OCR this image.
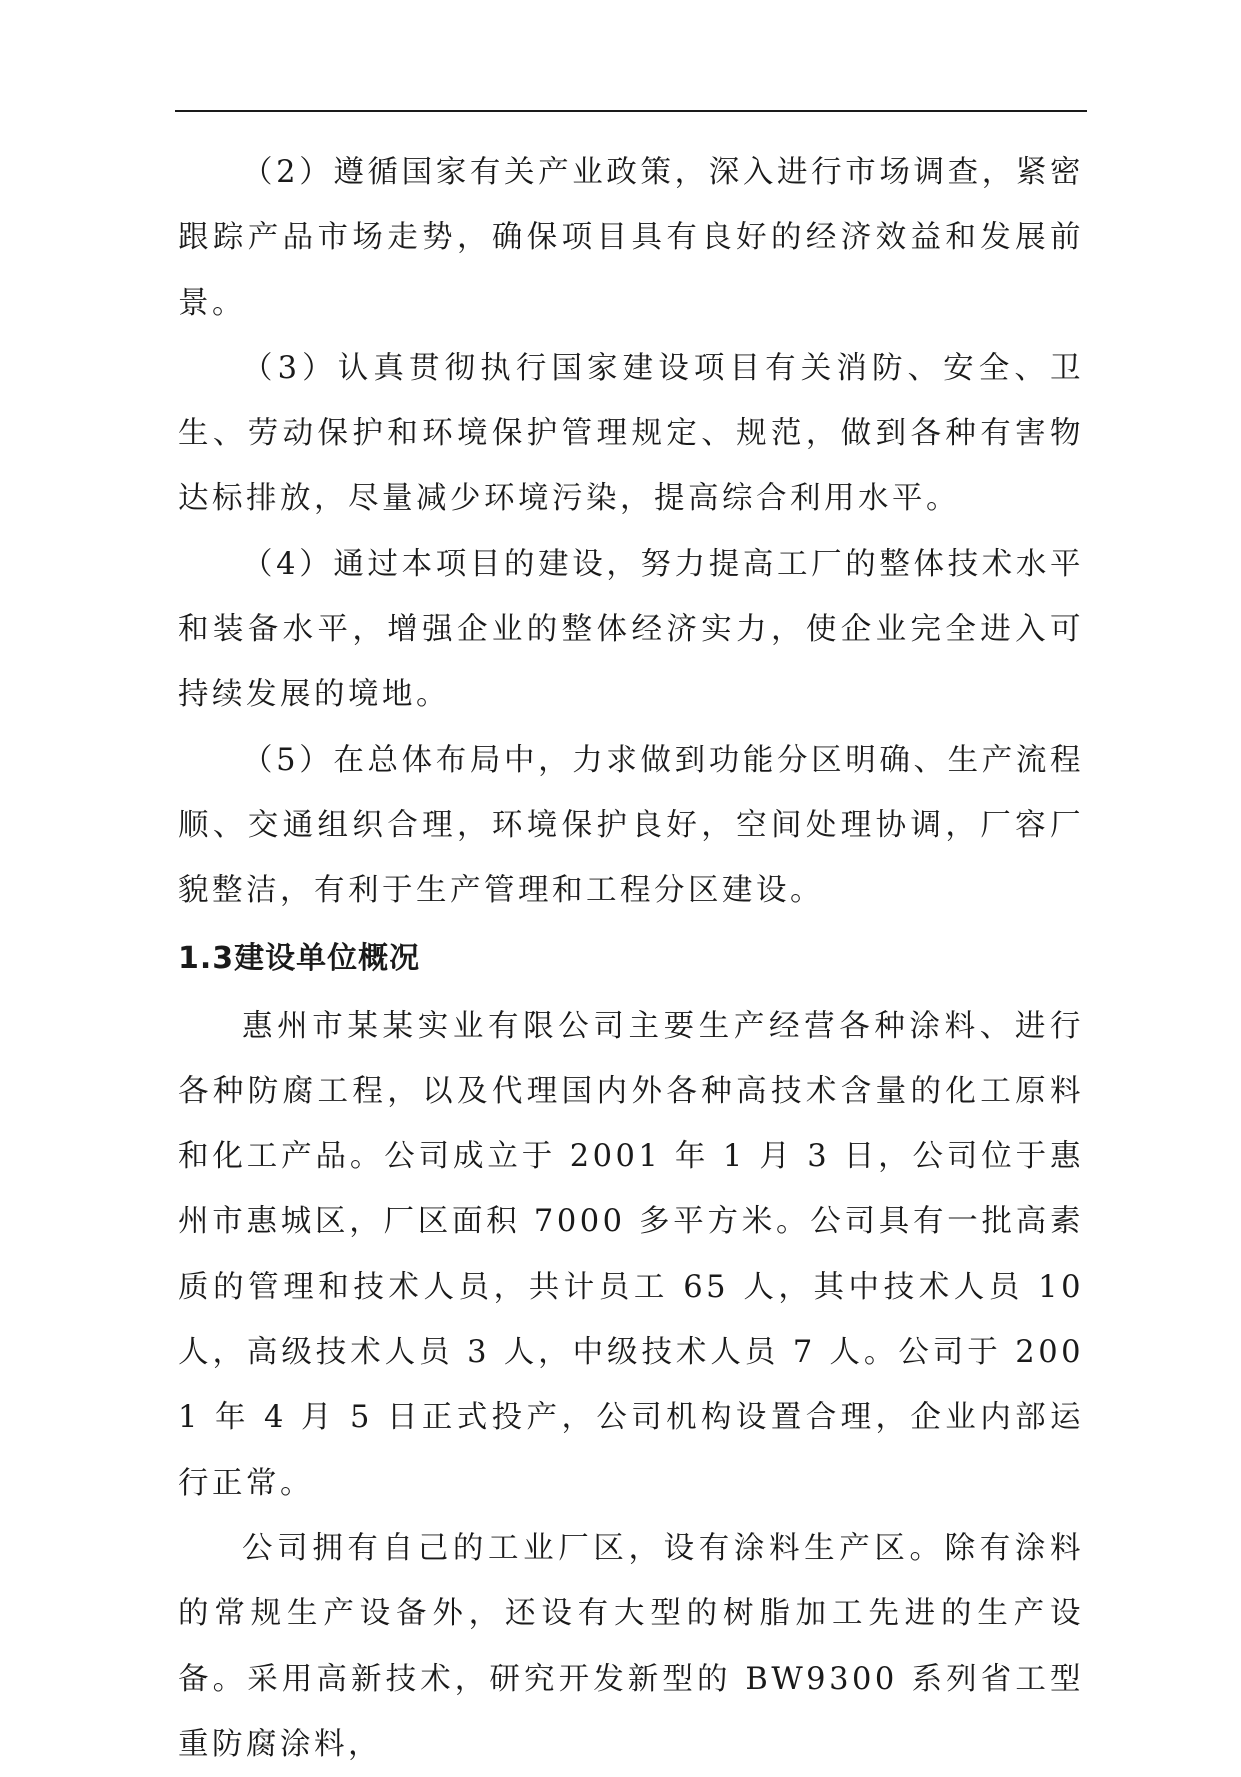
（2）遵循国家有关产业政策，深入进行市场调查，紧密跟踪产品市场走势，确保项目具有良好的经济效益和发展前景。

（3）认真贯彻执行国家建设项目有关消防、安全、卫生、劳动保护和环境保护管理规定、规范，做到各种有害物达标排放，尽量减少环境污染，提高综合利用水平。

（4）通过本项目的建设，努力提高工厂的整体技术水平和装备水平，增强企业的整体经济实力，使企业完全进入可持续发展的境地。

（5）在总体布局中，力求做到功能分区明确、生产流程顺、交通组织合理，环境保护良好，空间处理协调，厂容厂貌整洁，有利于生产管理和工程分区建设。

1.3建设单位概况

惠州市某某实业有限公司主要生产经营各种涂料、进行各种防腐工程，以及代理国内外各种高技术含量的化工原料和化工产品。公司成立于 2001 年 1 月 3 日，公司位于惠州市惠城区，厂区面积 7000 多平方米。公司具有一批高素质的管理和技术人员，共计员工 65 人，其中技术人员 10 人，高级技术人员 3 人，中级技术人员 7 人。公司于 2001 年 4 月 5 日正式投产，公司机构设置合理，企业内部运行正常。

公司拥有自己的工业厂区，设有涂料生产区。除有涂料的常规生产设备外，还设有大型的树脂加工先进的生产设备。采用高新技术，研究开发新型的 BW9300 系列省工型重防腐涂料，
